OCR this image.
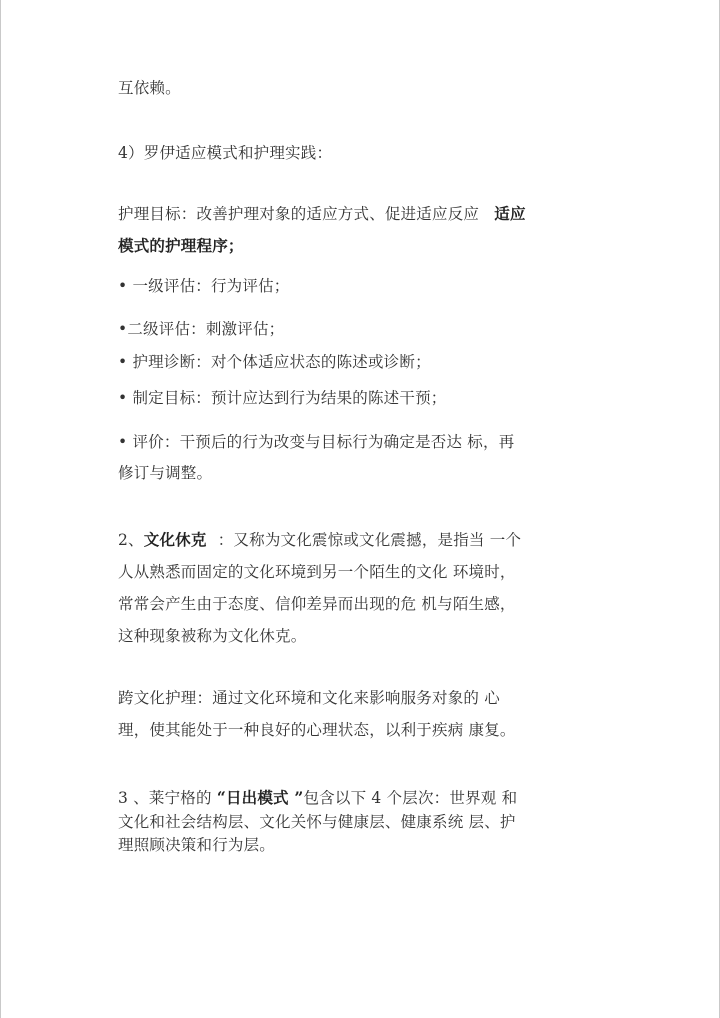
互依赖。
4）罗伊适应模式和护理实践：
护理目标：改善护理对象的适应方式、促进适应反应 适应
模式的护理程序；
• 一级评估：行为评估；
•二级评估：刺激评估；
• 护理诊断：对个体适应状态的陈述或诊断；
• 制定目标：预计应达到行为结果的陈述干预；
• 评价：干预后的行为改变与目标行为确定是否达 标，再
修订与调整。
2、文化休克 ：又称为文化震惊或文化震撼，是指当 一个
人从熟悉而固定的文化环境到另一个陌生的文化 环境时，
常常会产生由于态度、信仰差异而出现的危 机与陌生感，
这种现象被称为文化休克。
跨文化护理：通过文化环境和文化来影响服务对象的 心
理，使其能处于一种良好的心理状态，以利于疾病 康复。
3 、莱宁格的 “日出模式 ”包含以下 4 个层次：世界观 和
文化和社会结构层、文化关怀与健康层、健康系统 层、护
理照顾决策和行为层。
